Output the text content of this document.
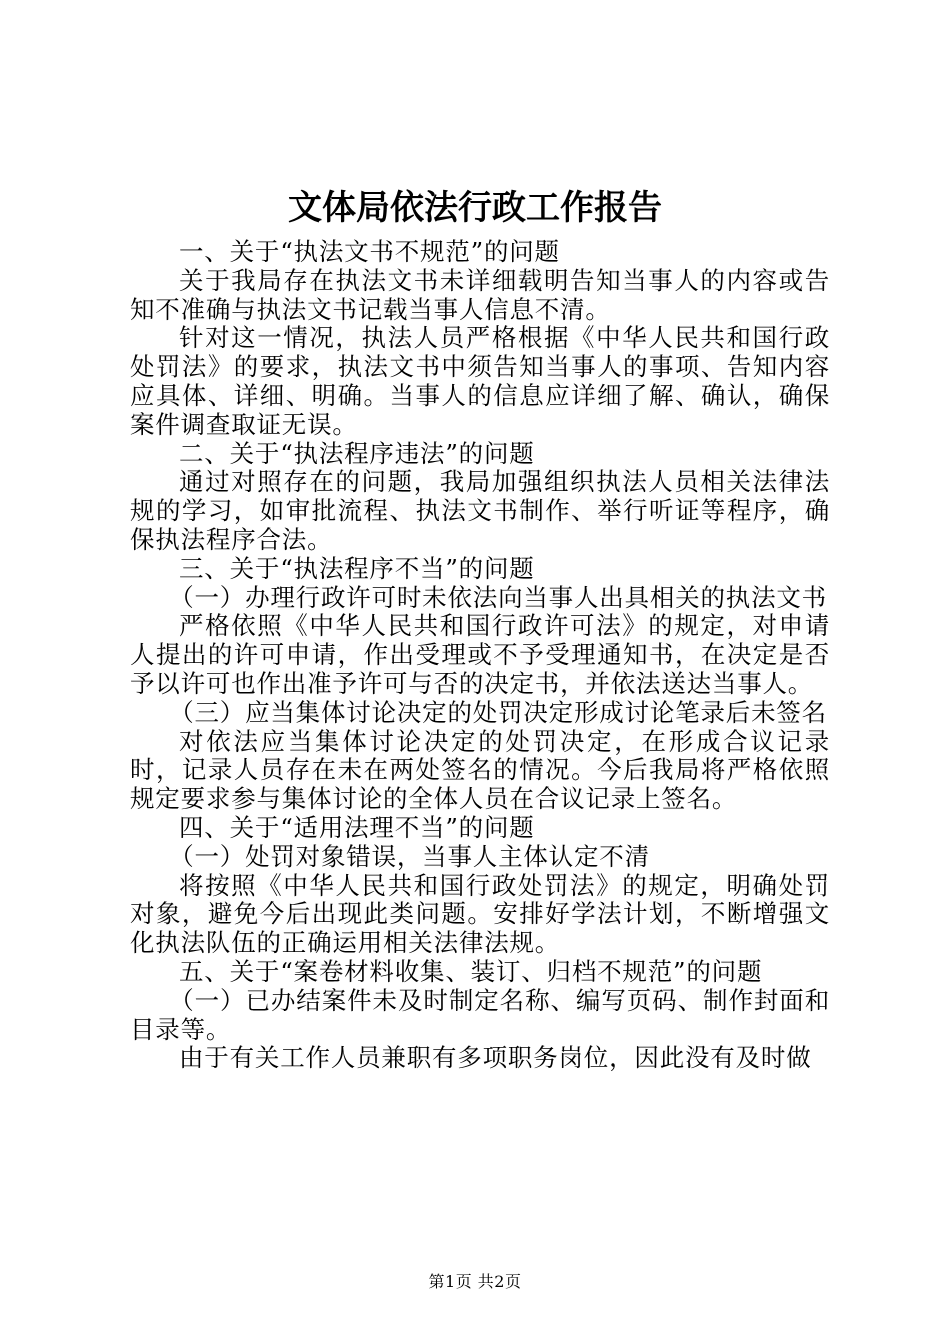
文体局依法行政工作报告

一、关于“执法文书不规范”的问题

关于我局存在执法文书未详细载明告知当事人的内容或告知不准确与执法文书记载当事人信息不清。

针对这一情况，执法人员严格根据《中华人民共和国行政处罚法》的要求，执法文书中须告知当事人的事项、告知内容应具体、详细、明确。当事人的信息应详细了解、确认，确保案件调查取证无误。

二、关于“执法程序违法”的问题

通过对照存在的问题，我局加强组织执法人员相关法律法规的学习，如审批流程、执法文书制作、举行听证等程序，确保执法程序合法。

三、关于“执法程序不当”的问题

（一）办理行政许可时未依法向当事人出具相关的执法文书

严格依照《中华人民共和国行政许可法》的规定，对申请人提出的许可申请，作出受理或不予受理通知书，在决定是否予以许可也作出准予许可与否的决定书，并依法送达当事人。

（三）应当集体讨论决定的处罚决定形成讨论笔录后未签名

对依法应当集体讨论决定的处罚决定，在形成合议记录时，记录人员存在未在两处签名的情况。今后我局将严格依照规定要求参与集体讨论的全体人员在合议记录上签名。

四、关于“适用法理不当”的问题

（一）处罚对象错误，当事人主体认定不清

将按照《中华人民共和国行政处罚法》的规定，明确处罚对象，避免今后出现此类问题。安排好学法计划，不断增强文化执法队伍的正确运用相关法律法规。

五、关于“案卷材料收集、装订、归档不规范”的问题

（一）已办结案件未及时制定名称、编写页码、制作封面和目录等。

由于有关工作人员兼职有多项职务岗位，因此没有及时做

第1页 共2页
